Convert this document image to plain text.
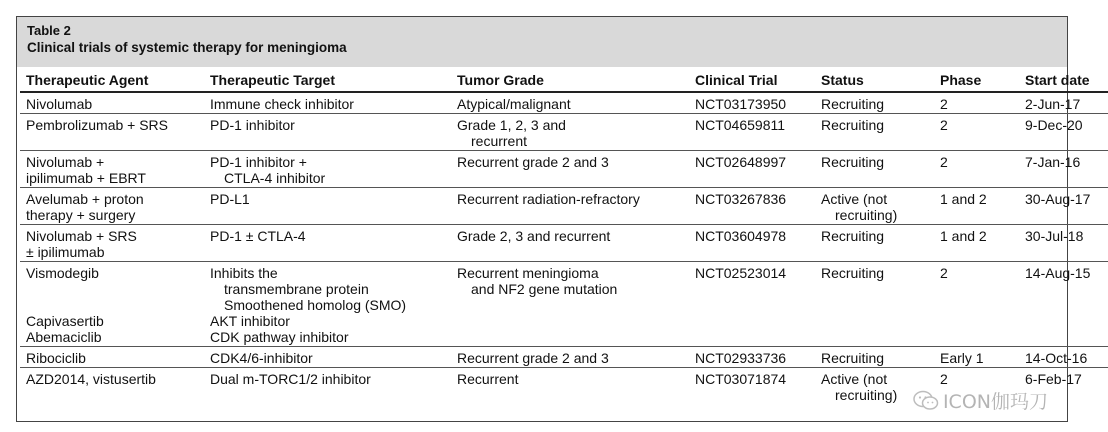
Table 2
Clinical trials of systemic therapy for meningioma
Therapeutic Agent	Therapeutic Target	Tumor Grade	Clinical Trial	Status	Phase	Start date

Nivolumab	Immune check inhibitor	Atypical/malignant	NCT03173950	Recruiting	2	2-Jun-17

Pembrolizumab + SRS	PD-1 inhibitor	Grade 1, 2, 3 and
recurrent	NCT04659811	Recruiting	2	9-Dec-20

Nivolumab +
ipilimumab + EBRT	PD-1 inhibitor +
CTLA-4 inhibitor	Recurrent grade 2 and 3	NCT02648997	Recruiting	2	7-Jan-16

Avelumab + proton
therapy + surgery	PD-L1	Recurrent radiation-refractory	NCT03267836	Active (not
recruiting)	1 and 2	30-Aug-17

Nivolumab + SRS
± ipilimumab	PD-1 ± CTLA-4	Grade 2, 3 and recurrent	NCT03604978	Recruiting	1 and 2	30-Jul-18

Vismodegib
Capivasertib
Abemaciclib	Inhibits the
transmembrane protein
Smoothened homolog (SMO)
AKT inhibitor
CDK pathway inhibitor	Recurrent meningioma
and NF2 gene mutation	NCT02523014	Recruiting	2	14-Aug-15

Ribociclib	CDK4/6-inhibitor	Recurrent grade 2 and 3	NCT02933736	Recruiting	Early 1	14-Oct-16

AZD2014, vistusertib	Dual m-TORC1/2 inhibitor	Recurrent	NCT03071874	Active (not
recruiting)	2	6-Feb-17
ICON伽玛刀
